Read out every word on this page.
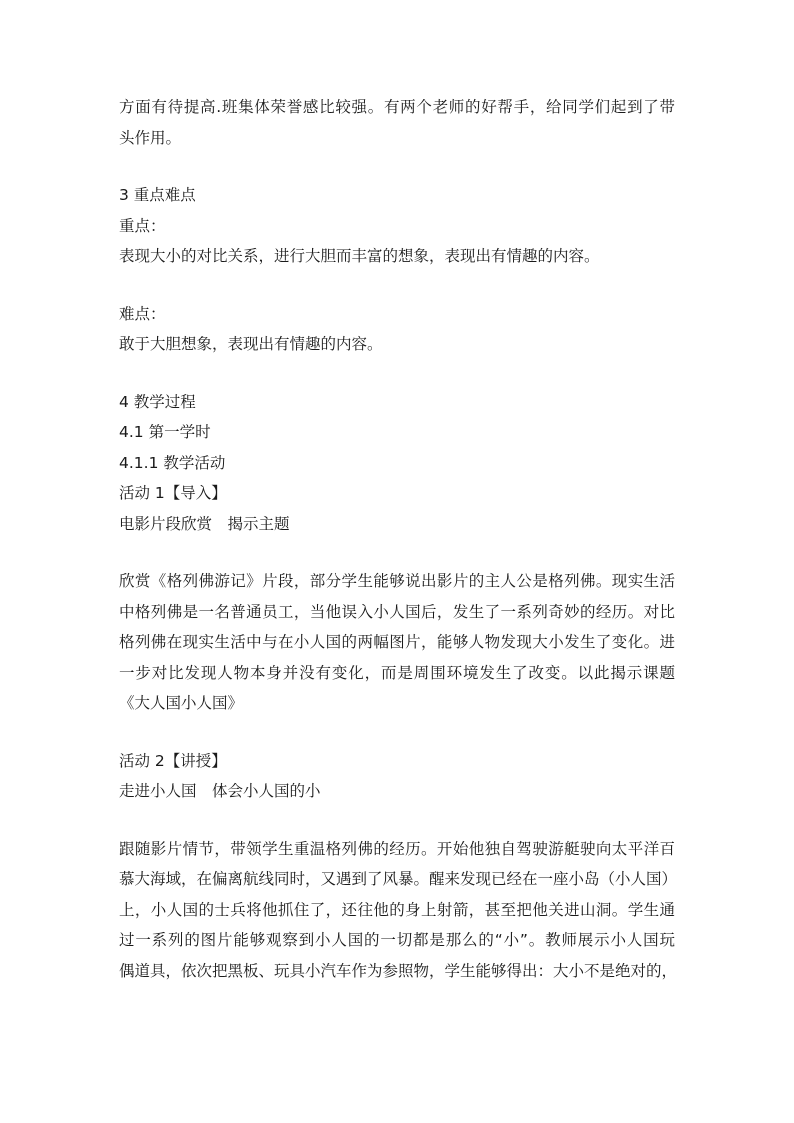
方面有待提高.班集体荣誉感比较强。有两个老师的好帮手，给同学们起到了带
头作用。
3 重点难点
重点：
表现大小的对比关系，进行大胆而丰富的想象，表现出有情趣的内容。
难点：
敢于大胆想象，表现出有情趣的内容。
4 教学过程
4.1 第一学时
4.1.1 教学活动
活动 1【导入】
电影片段欣赏　揭示主题
欣赏《格列佛游记》片段，部分学生能够说出影片的主人公是格列佛。现实生活
中格列佛是一名普通员工，当他误入小人国后，发生了一系列奇妙的经历。对比
格列佛在现实生活中与在小人国的两幅图片，能够人物发现大小发生了变化。进
一步对比发现人物本身并没有变化，而是周围环境发生了改变。以此揭示课题
《大人国小人国》
活动 2【讲授】
走进小人国　体会小人国的小
跟随影片情节，带领学生重温格列佛的经历。开始他独自驾驶游艇驶向太平洋百
慕大海域，在偏离航线同时，又遇到了风暴。醒来发现已经在一座小岛（小人国）
上，小人国的士兵将他抓住了，还往他的身上射箭，甚至把他关进山洞。学生通
过一系列的图片能够观察到小人国的一切都是那么的“小”。教师展示小人国玩
偶道具，依次把黑板、玩具小汽车作为参照物，学生能够得出：大小不是绝对的，
